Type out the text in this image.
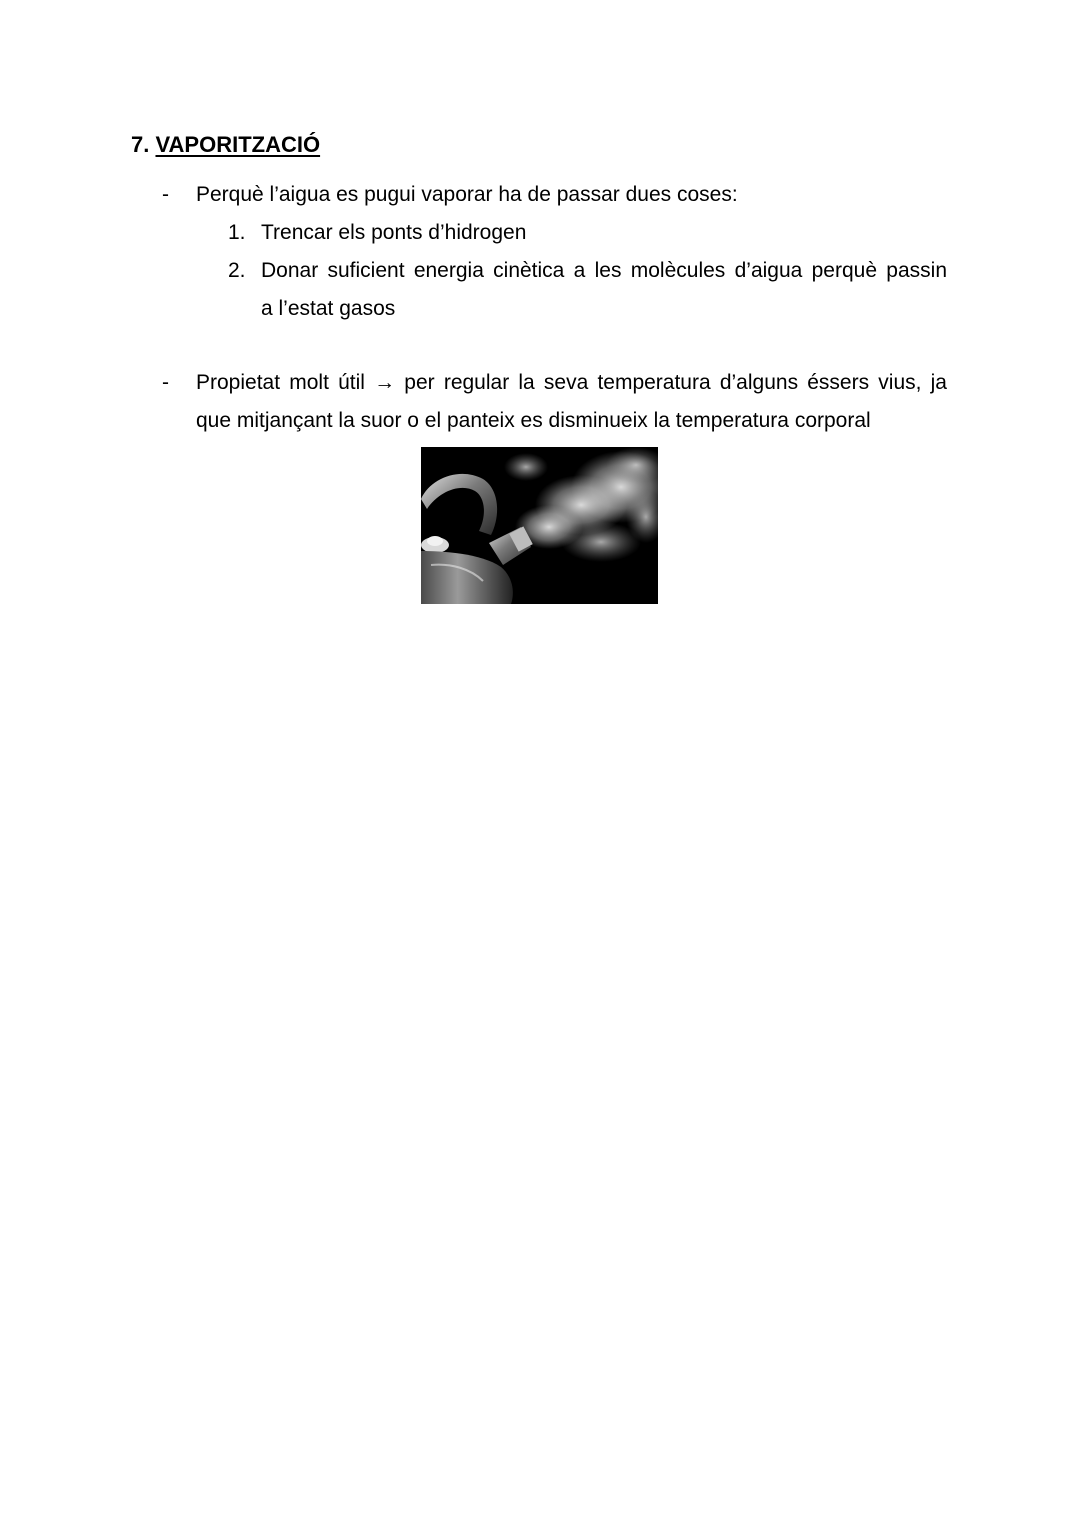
7. VAPORITZACIÓ
- Perquè l’aigua es pugui vaporar ha de passar dues coses:
1. Trencar els ponts d’hidrogen
2. Donar suficient energia cinètica a les molècules d’aigua perquè passin
a l’estat gasos
- Propietat molt útil → per regular la seva temperatura d’alguns éssers vius, ja
que mitjançant la suor o el panteix es disminueix la temperatura corporal
